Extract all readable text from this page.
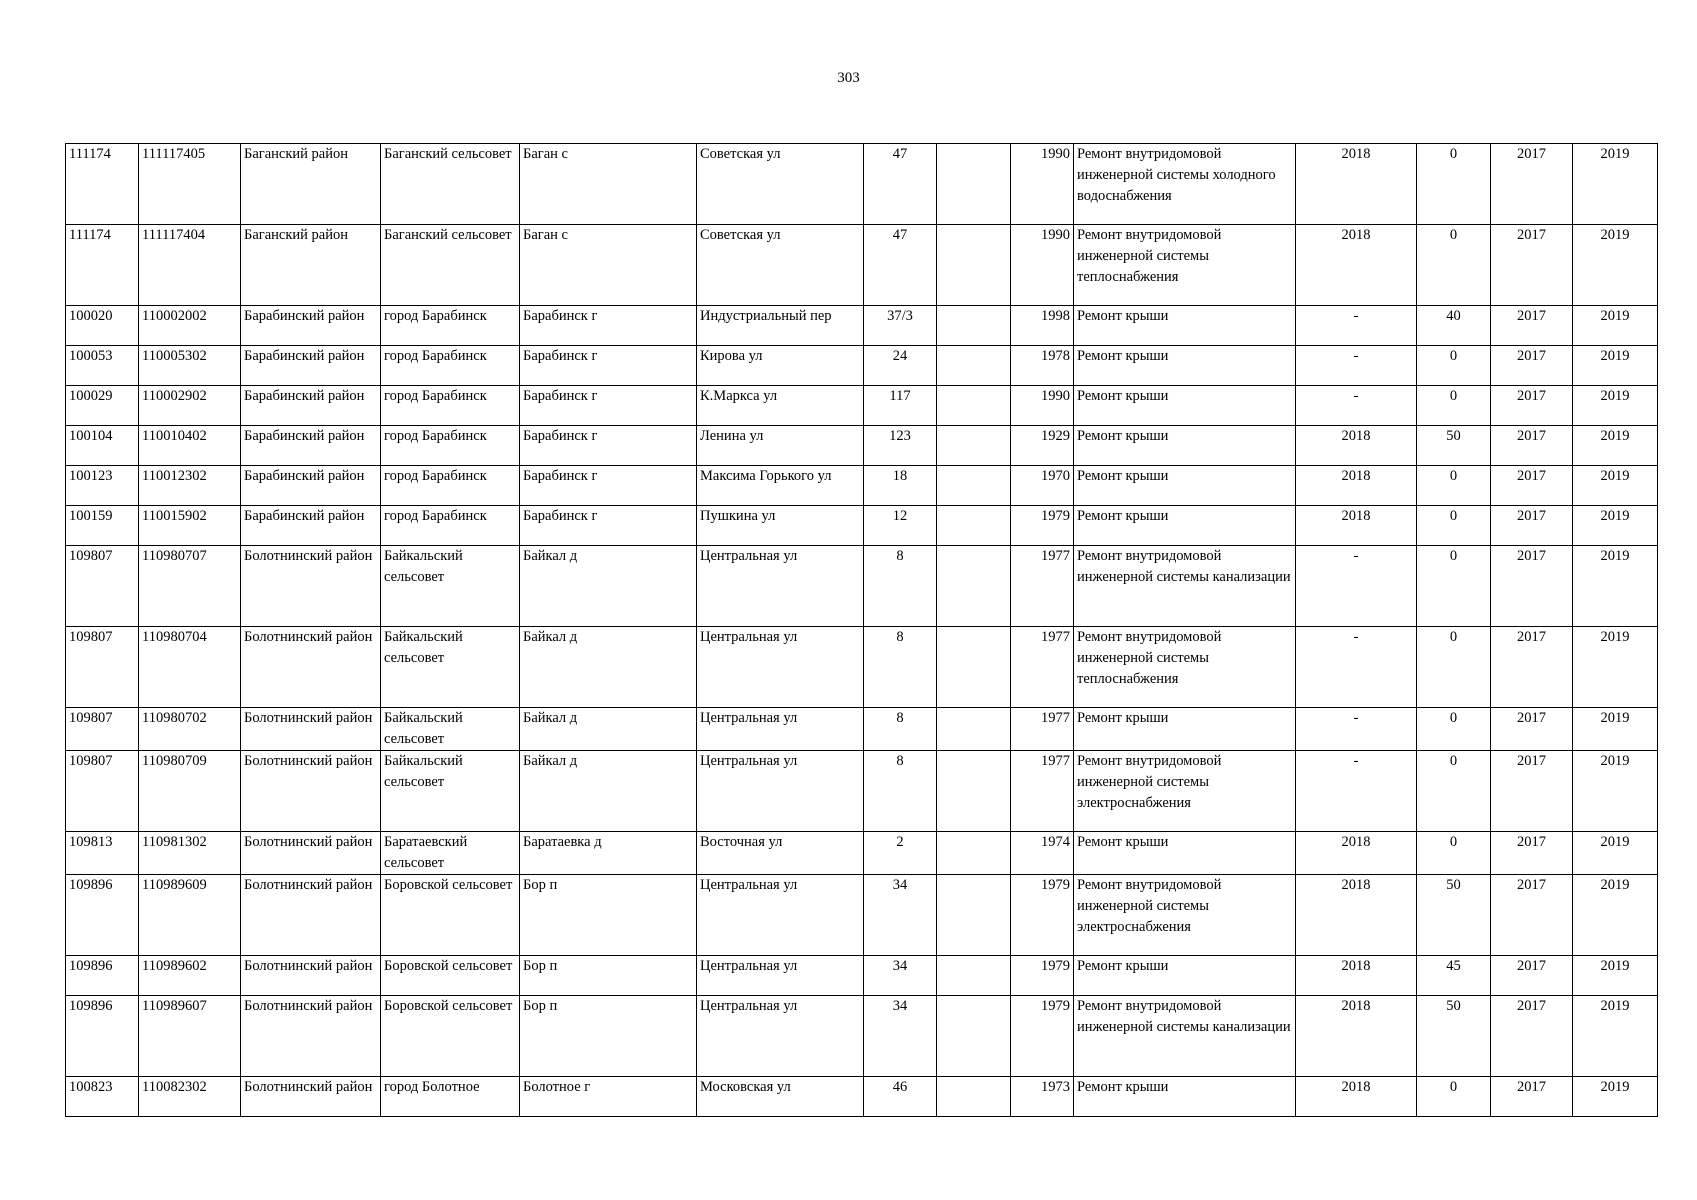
303
111174	111117405	Баганский район	Баганский сельсовет	Баган с	Советская ул	47		1990	Ремонт внутридомовой инженерной системы холодного водоснабжения	2018	0	2017	2019
111174	111117404	Баганский район	Баганский сельсовет	Баган с	Советская ул	47		1990	Ремонт внутридомовой инженерной системы теплоснабжения	2018	0	2017	2019
100020	110002002	Барабинский район	город Барабинск	Барабинск г	Индустриальный пер	37/3		1998	Ремонт крыши	-	40	2017	2019
100053	110005302	Барабинский район	город Барабинск	Барабинск г	Кирова ул	24		1978	Ремонт крыши	-	0	2017	2019
100029	110002902	Барабинский район	город Барабинск	Барабинск г	К.Маркса ул	117		1990	Ремонт крыши	-	0	2017	2019
100104	110010402	Барабинский район	город Барабинск	Барабинск г	Ленина ул	123		1929	Ремонт крыши	2018	50	2017	2019
100123	110012302	Барабинский район	город Барабинск	Барабинск г	Максима Горького ул	18		1970	Ремонт крыши	2018	0	2017	2019
100159	110015902	Барабинский район	город Барабинск	Барабинск г	Пушкина ул	12		1979	Ремонт крыши	2018	0	2017	2019
109807	110980707	Болотнинский район	Байкальский сельсовет	Байкал д	Центральная ул	8		1977	Ремонт внутридомовой инженерной системы канализации	-	0	2017	2019
109807	110980704	Болотнинский район	Байкальский сельсовет	Байкал д	Центральная ул	8		1977	Ремонт внутридомовой инженерной системы теплоснабжения	-	0	2017	2019
109807	110980702	Болотнинский район	Байкальский сельсовет	Байкал д	Центральная ул	8		1977	Ремонт крыши	-	0	2017	2019
109807	110980709	Болотнинский район	Байкальский сельсовет	Байкал д	Центральная ул	8		1977	Ремонт внутридомовой инженерной системы электроснабжения	-	0	2017	2019
109813	110981302	Болотнинский район	Баратаевский сельсовет	Баратаевка д	Восточная ул	2		1974	Ремонт крыши	2018	0	2017	2019
109896	110989609	Болотнинский район	Боровской сельсовет	Бор п	Центральная ул	34		1979	Ремонт внутридомовой инженерной системы электроснабжения	2018	50	2017	2019
109896	110989602	Болотнинский район	Боровской сельсовет	Бор п	Центральная ул	34		1979	Ремонт крыши	2018	45	2017	2019
109896	110989607	Болотнинский район	Боровской сельсовет	Бор п	Центральная ул	34		1979	Ремонт внутридомовой инженерной системы канализации	2018	50	2017	2019
100823	110082302	Болотнинский район	город Болотное	Болотное г	Московская ул	46		1973	Ремонт крыши	2018	0	2017	2019
